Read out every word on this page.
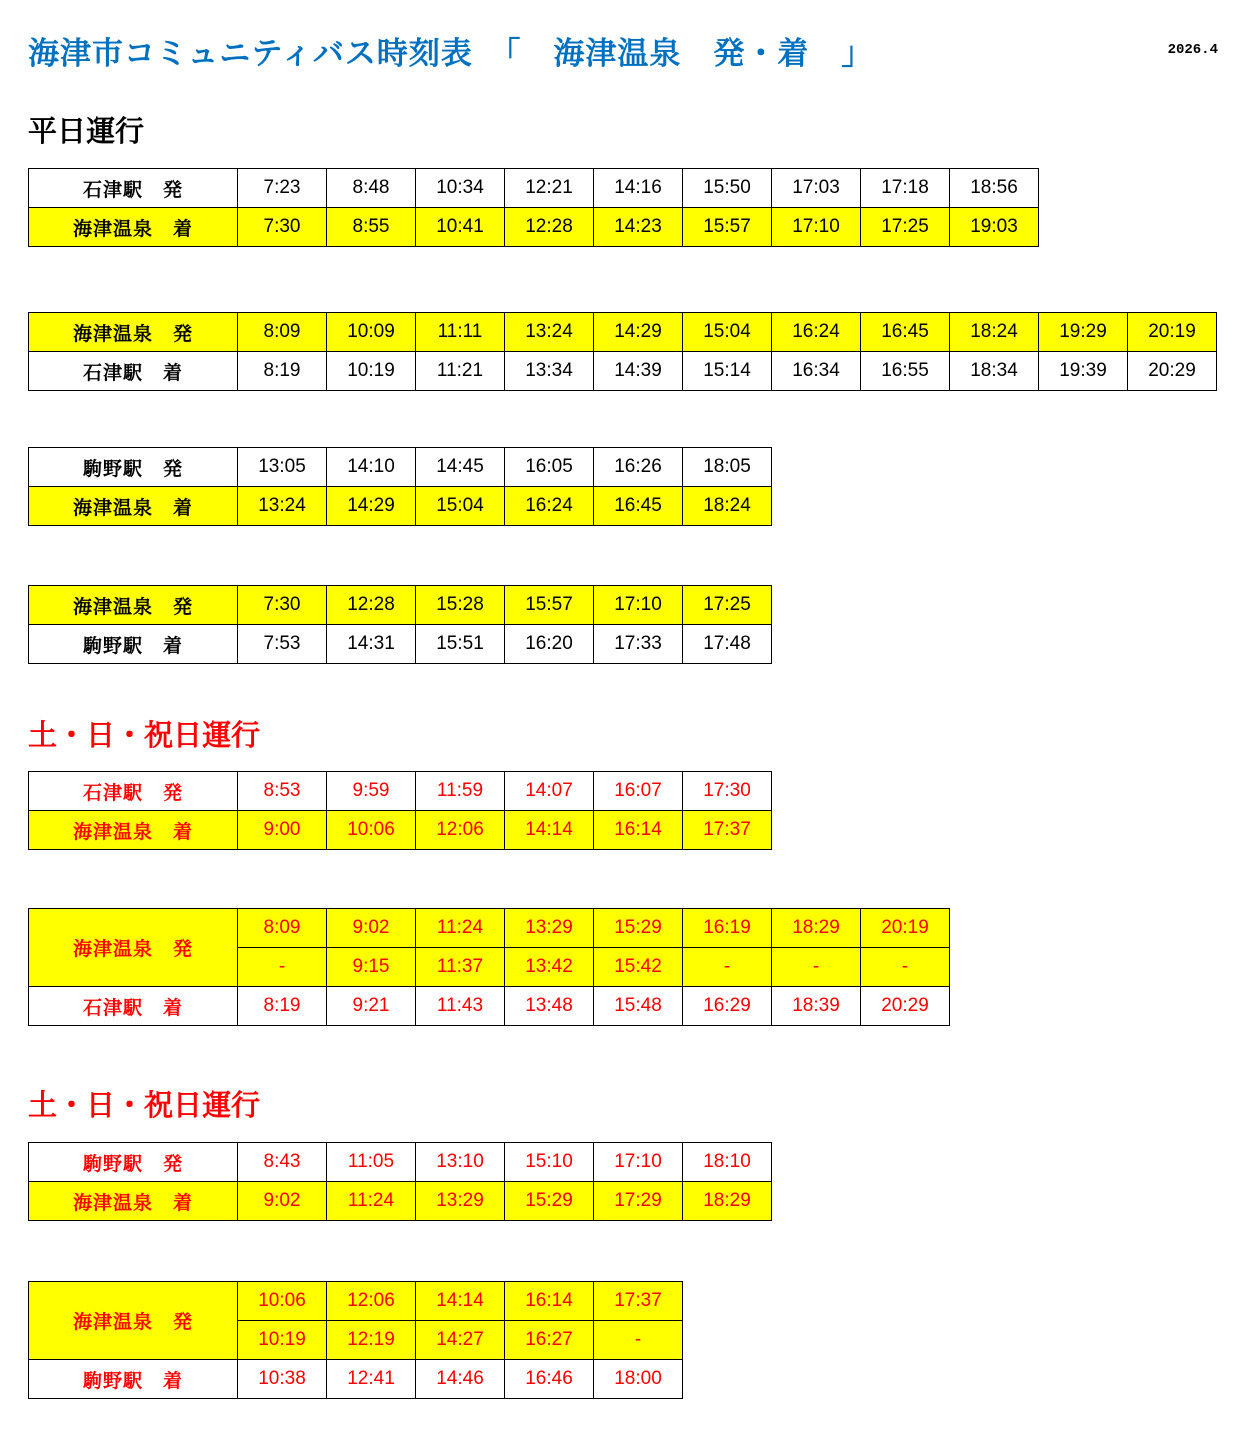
海津市コミュニティバス時刻表　「　海津温泉　発・着　」	2026.4
平日運行
石津駅　発	7:23	8:48	10:34	12:21	14:16	15:50	17:03	17:18	18:56
海津温泉　着	7:30	8:55	10:41	12:28	14:23	15:57	17:10	17:25	19:03
海津温泉　発	8:09	10:09	11:11	13:24	14:29	15:04	16:24	16:45	18:24	19:29	20:19
石津駅　着	8:19	10:19	11:21	13:34	14:39	15:14	16:34	16:55	18:34	19:39	20:29
駒野駅　発	13:05	14:10	14:45	16:05	16:26	18:05
海津温泉　着	13:24	14:29	15:04	16:24	16:45	18:24
海津温泉　発	7:30	12:28	15:28	15:57	17:10	17:25
駒野駅　着	7:53	14:31	15:51	16:20	17:33	17:48
土・日・祝日運行
石津駅　発	8:53	9:59	11:59	14:07	16:07	17:30
海津温泉　着	9:00	10:06	12:06	14:14	16:14	17:37
海津温泉　発	8:09	9:02	11:24	13:29	15:29	16:19	18:29	20:19
	-	9:15	11:37	13:42	15:42	-	-	-
石津駅　着	8:19	9:21	11:43	13:48	15:48	16:29	18:39	20:29
土・日・祝日運行
駒野駅　発	8:43	11:05	13:10	15:10	17:10	18:10
海津温泉　着	9:02	11:24	13:29	15:29	17:29	18:29
海津温泉　発	10:06	12:06	14:14	16:14	17:37
	10:19	12:19	14:27	16:27	-
駒野駅　着	10:38	12:41	14:46	16:46	18:00
